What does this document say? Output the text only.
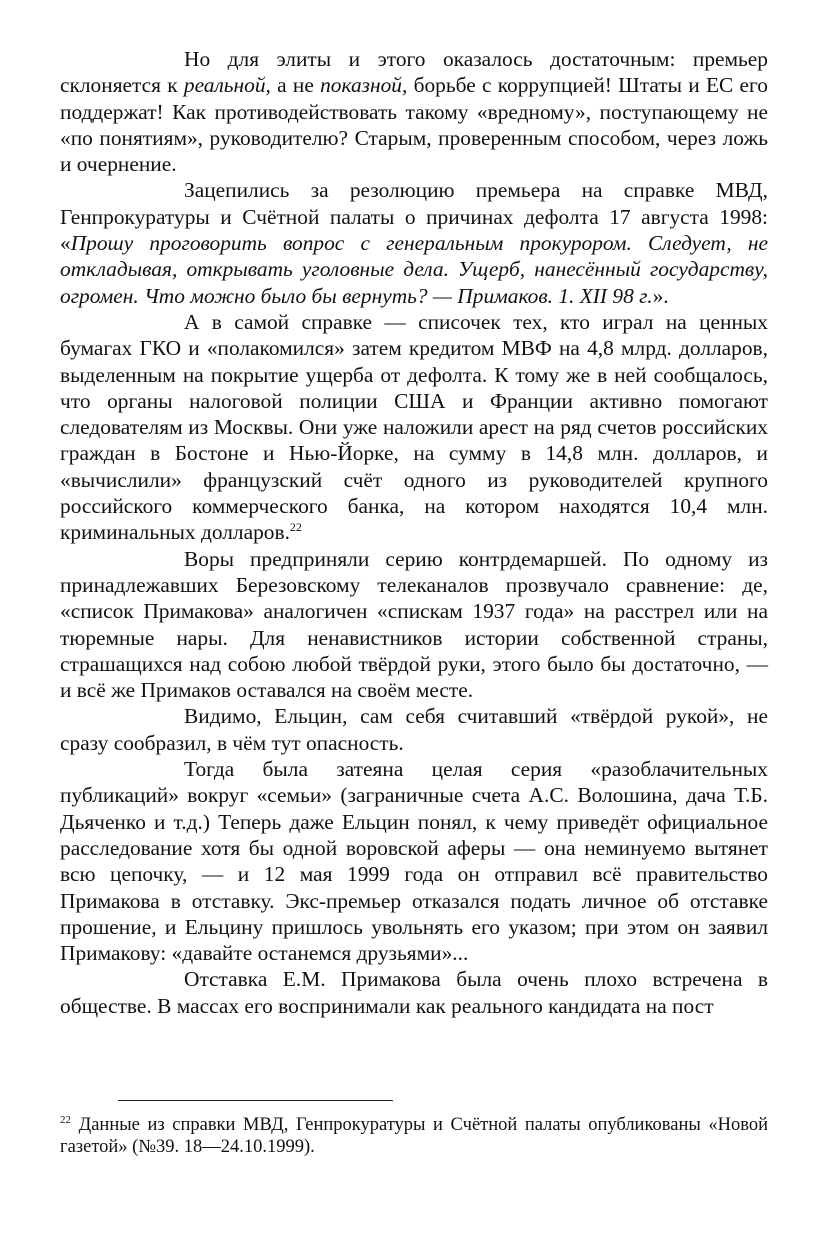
Но для элиты и этого оказалось достаточным: премьер склоняется к реальной, а не показной, борьбе с коррупцией! Штаты и ЕС его поддержат! Как противодействовать такому «вредному», поступающему не «по понятиям», руководителю? Старым, проверенным способом, через ложь и очернение.

Зацепились за резолюцию премьера на справке МВД, Генпрокуратуры и Счётной палаты о причинах дефолта 17 августа 1998: «Прошу проговорить вопрос с генеральным прокурором. Следует, не откладывая, открывать уголовные дела. Ущерб, нанесённый государству, огромен. Что можно было бы вернуть? — Примаков. 1. XII 98 г.».

А в самой справке — списочек тех, кто играл на ценных бумагах ГКО и «полакомился» затем кредитом МВФ на 4,8 млрд. долларов, выделенным на покрытие ущерба от дефолта. К тому же в ней сообщалось, что органы налоговой полиции США и Франции активно помогают следователям из Москвы. Они уже наложили арест на ряд счетов российских граждан в Бостоне и Нью-Йорке, на сумму в 14,8 млн. долларов, и «вычислили» французский счёт одного из руководителей крупного российского коммерческого банка, на котором находятся 10,4 млн. криминальных долларов.$^{22}$

Воры предприняли серию контрдемаршей. По одному из принадлежавших Березовскому телеканалов прозвучало сравнение: де, «список Примакова» аналогичен «спискам 1937 года» на расстрел или на тюремные нары. Для ненавистников истории собственной страны, страшащихся над собою любой твёрдой руки, этого было бы достаточно, — и всё же Примаков оставался на своём месте.

Видимо, Ельцин, сам себя считавший «твёрдой рукой», не сразу сообразил, в чём тут опасность.

Тогда была затеяна целая серия «разоблачительных публикаций» вокруг «семьи» (заграничные счета А.С. Волошина, дача Т.Б. Дьяченко и т.д.) Теперь даже Ельцин понял, к чему приведёт официальное расследование хотя бы одной воровской аферы — она неминуемо вытянет всю цепочку, — и 12 мая 1999 года он отправил всё правительство Примакова в отставку. Экс-премьер отказался подать личное об отставке прошение, и Ельцину пришлось увольнять его указом; при этом он заявил Примакову: «давайте останемся друзьями»...

Отставка Е.М. Примакова была очень плохо встречена в обществе. В массах его воспринимали как реального кандидата на пост

$^{22}$ Данные из справки МВД, Генпрокуратуры и Счётной палаты опубликованы «Новой газетой» (№39. 18—24.10.1999).
